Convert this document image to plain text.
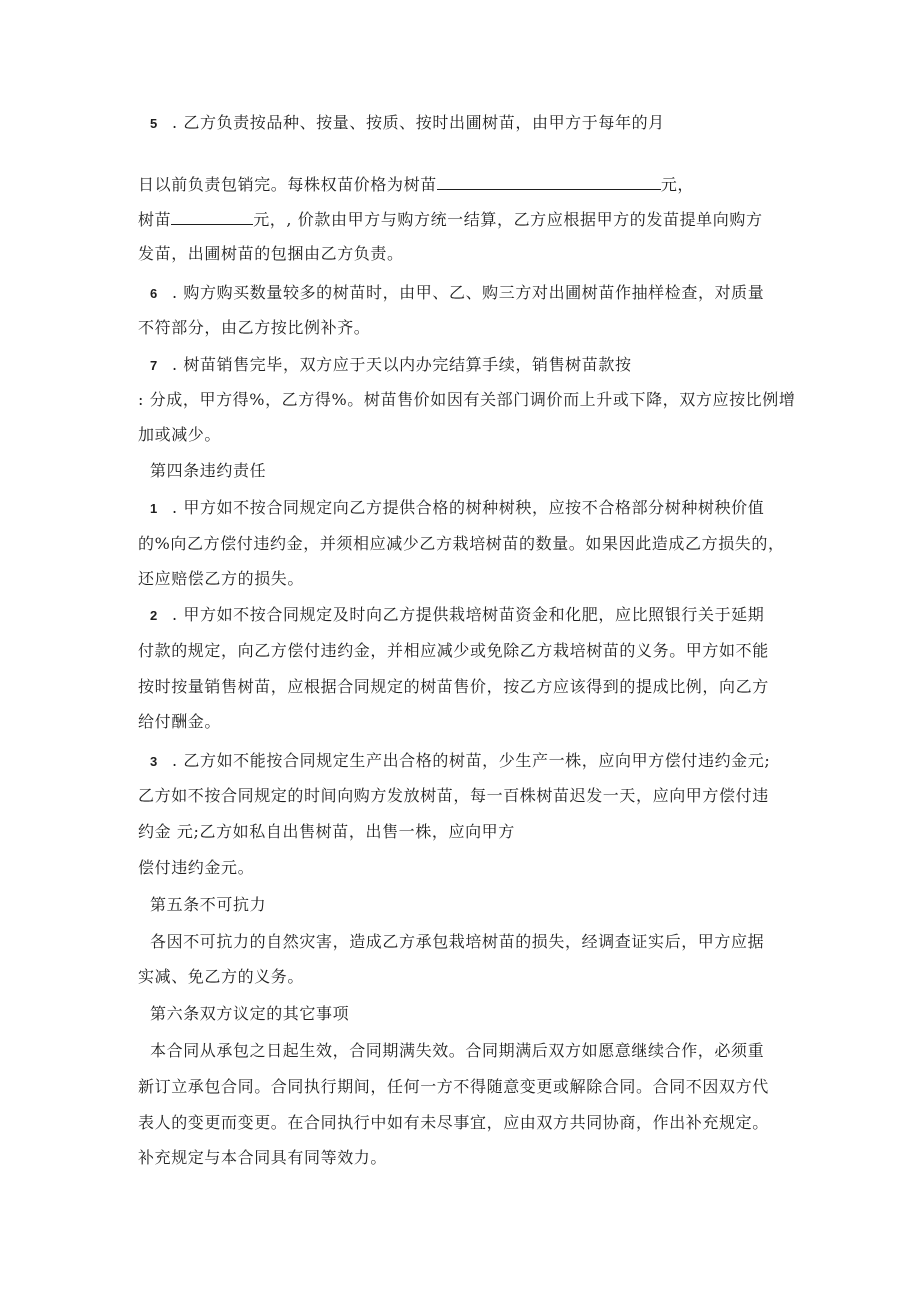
5 . 乙方负责按品种、按量、按质、按时出圃树苗，由甲方于每年的月
日以前负责包销完。每株权苗价格为树苗	元，
树苗	元，, 价款由甲方与购方统一结算，乙方应根据甲方的发苗提单向购方
发苗，出圃树苗的包捆由乙方负责。
6 . 购方购买数量较多的树苗时，由甲、乙、购三方对出圃树苗作抽样检查，对质量
不符部分，由乙方按比例补齐。
7 . 树苗销售完毕，双方应于天以内办完结算手续，销售树苗款按
: 分成，甲方得%，乙方得%。树苗售价如因有关部门调价而上升或下降，双方应按比例增
加或减少。
第四条违约责任
1 . 甲方如不按合同规定向乙方提供合格的树种树秧，应按不合格部分树种树秧价值
的%向乙方偿付违约金，并须相应减少乙方栽培树苗的数量。如果因此造成乙方损失的，
还应赔偿乙方的损失。
2 . 甲方如不按合同规定及时向乙方提供栽培树苗资金和化肥，应比照银行关于延期
付款的规定，向乙方偿付违约金，并相应减少或免除乙方栽培树苗的义务。甲方如不能
按时按量销售树苗，应根据合同规定的树苗售价，按乙方应该得到的提成比例，向乙方
给付酬金。
3 . 乙方如不能按合同规定生产出合格的树苗，少生产一株，应向甲方偿付违约金元;
乙方如不按合同规定的时间向购方发放树苗，每一百株树苗迟发一天，应向甲方偿付违
约金 元;乙方如私自出售树苗，出售一株，应向甲方
偿付违约金元。
第五条不可抗力
各因不可抗力的自然灾害，造成乙方承包栽培树苗的损失，经调查证实后，甲方应据
实减、免乙方的义务。
第六条双方议定的其它事项
本合同从承包之日起生效，合同期满失效。合同期满后双方如愿意继续合作，必须重
新订立承包合同。合同执行期间，任何一方不得随意变更或解除合同。合同不因双方代
表人的变更而变更。在合同执行中如有未尽事宜，应由双方共同协商，作出补充规定。
补充规定与本合同具有同等效力。
